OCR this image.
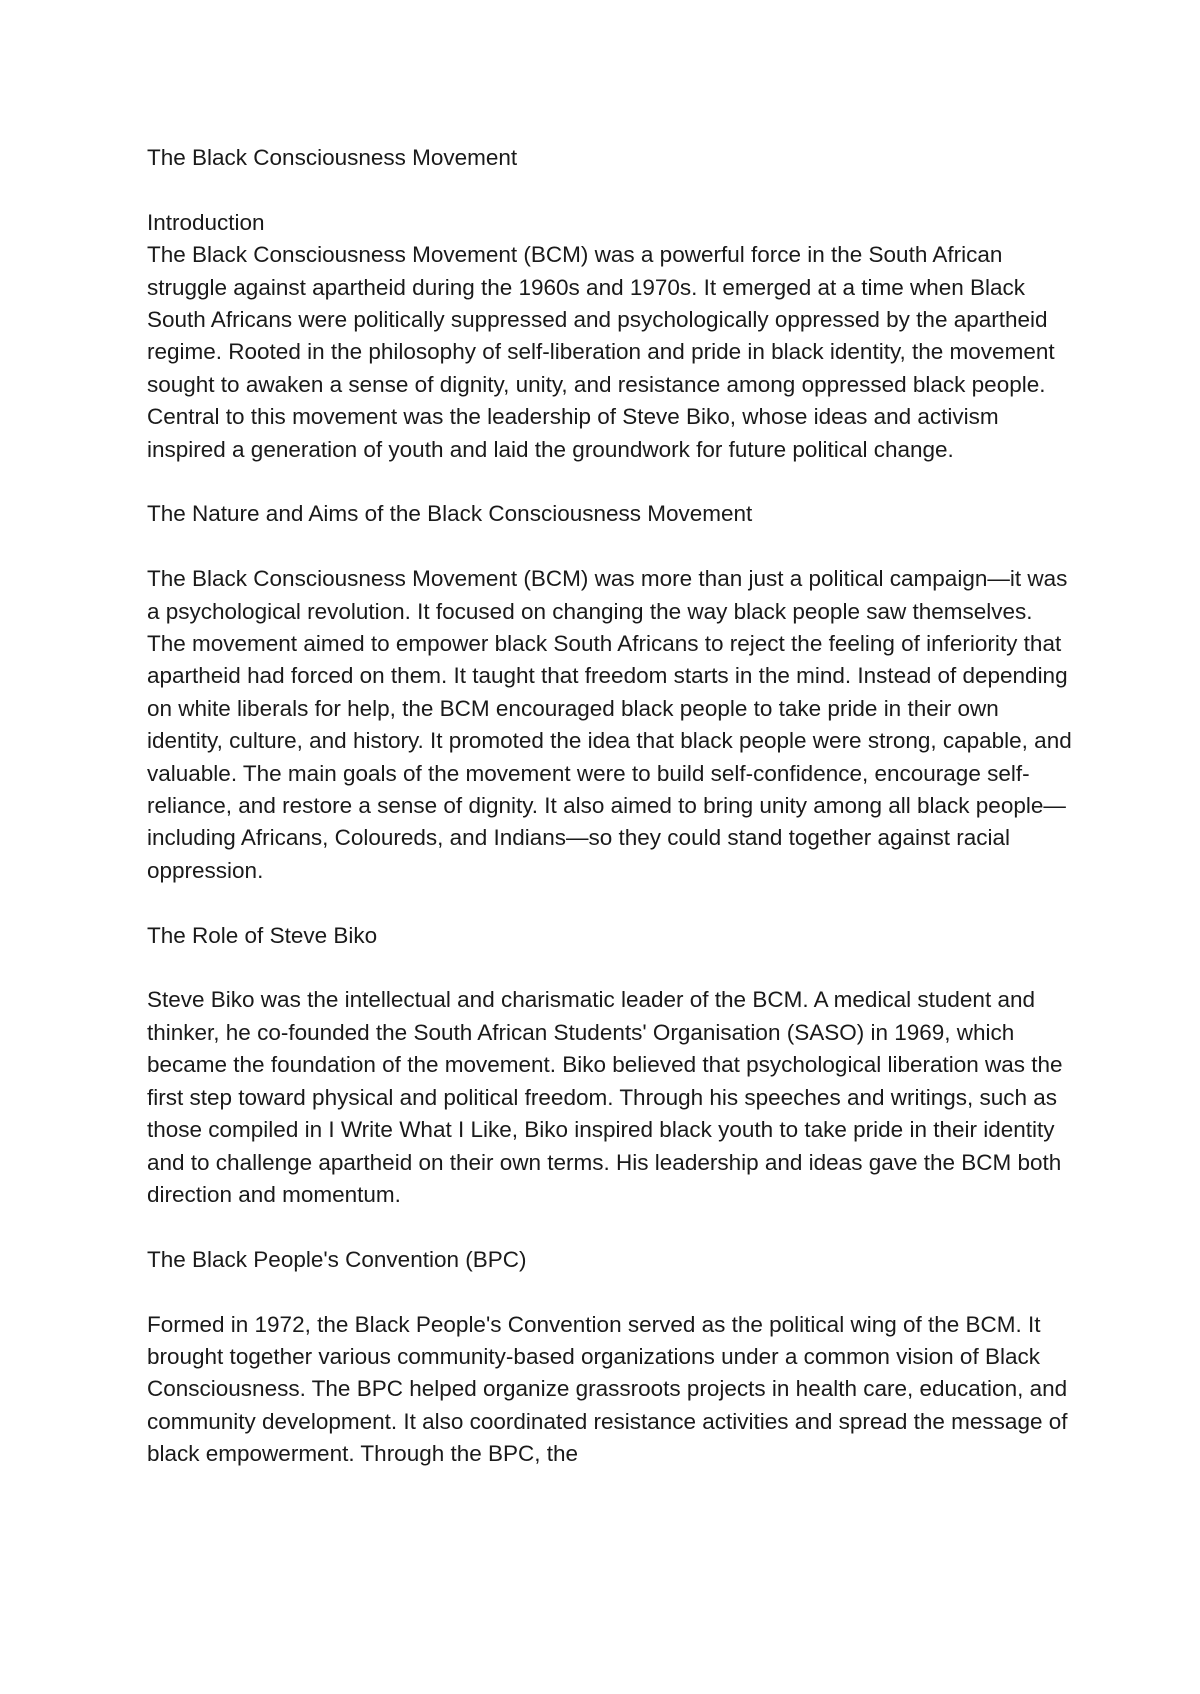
The Black Consciousness Movement

Introduction

The Black Consciousness Movement (BCM) was a powerful force in the South African struggle against apartheid during the 1960s and 1970s. It emerged at a time when Black South Africans were politically suppressed and psychologically oppressed by the apartheid regime. Rooted in the philosophy of self-liberation and pride in black identity, the movement sought to awaken a sense of dignity, unity, and resistance among oppressed black people. Central to this movement was the leadership of Steve Biko, whose ideas and activism inspired a generation of youth and laid the groundwork for future political change.

The Nature and Aims of the Black Consciousness Movement

The Black Consciousness Movement (BCM) was more than just a political campaign—it was a psychological revolution. It focused on changing the way black people saw themselves. The movement aimed to empower black South Africans to reject the feeling of inferiority that apartheid had forced on them. It taught that freedom starts in the mind. Instead of depending on white liberals for help, the BCM encouraged black people to take pride in their own identity, culture, and history. It promoted the idea that black people were strong, capable, and valuable. The main goals of the movement were to build self-confidence, encourage self-reliance, and restore a sense of dignity. It also aimed to bring unity among all black people—including Africans, Coloureds, and Indians—so they could stand together against racial oppression.

The Role of Steve Biko

Steve Biko was the intellectual and charismatic leader of the BCM. A medical student and thinker, he co-founded the South African Students' Organisation (SASO) in 1969, which became the foundation of the movement. Biko believed that psychological liberation was the first step toward physical and political freedom. Through his speeches and writings, such as those compiled in I Write What I Like, Biko inspired black youth to take pride in their identity and to challenge apartheid on their own terms. His leadership and ideas gave the BCM both direction and momentum.

The Black People's Convention (BPC)

Formed in 1972, the Black People's Convention served as the political wing of the BCM. It brought together various community-based organizations under a common vision of Black Consciousness. The BPC helped organize grassroots projects in health care, education, and community development. It also coordinated resistance activities and spread the message of black empowerment. Through the BPC, the
